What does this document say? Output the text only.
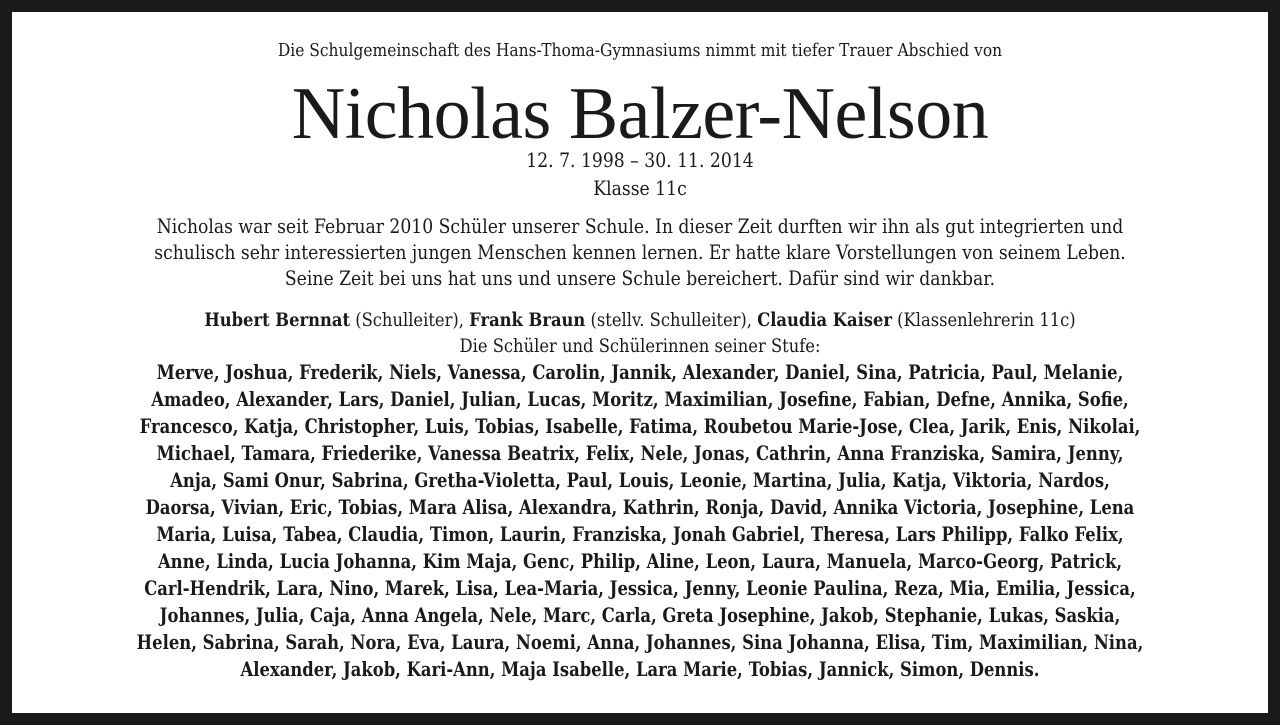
Die Schulgemeinschaft des Hans-Thoma-Gymnasiums nimmt mit tiefer Trauer Abschied von
Nicholas Balzer-Nelson
12. 7. 1998 – 30. 11. 2014
Klasse 11c
Nicholas war seit Februar 2010 Schüler unserer Schule. In dieser Zeit durften wir ihn als gut integrierten und
schulisch sehr interessierten jungen Menschen kennen lernen. Er hatte klare Vorstellungen von seinem Leben.
Seine Zeit bei uns hat uns und unsere Schule bereichert. Dafür sind wir dankbar.
Hubert Bernnat (Schulleiter), Frank Braun (stellv. Schulleiter), Claudia Kaiser (Klassenlehrerin 11c)
Die Schüler und Schülerinnen seiner Stufe:
Merve, Joshua, Frederik, Niels, Vanessa, Carolin, Jannik, Alexander, Daniel, Sina, Patricia, Paul, Melanie,
Amadeo, Alexander, Lars, Daniel, Julian, Lucas, Moritz, Maximilian, Josefine, Fabian, Defne, Annika, Sofie,
Francesco, Katja, Christopher, Luis, Tobias, Isabelle, Fatima, Roubetou Marie-Jose, Clea, Jarik, Enis, Nikolai,
Michael, Tamara, Friederike, Vanessa Beatrix, Felix, Nele, Jonas, Cathrin, Anna Franziska, Samira, Jenny,
Anja, Sami Onur, Sabrina, Gretha-Violetta, Paul, Louis, Leonie, Martina, Julia, Katja, Viktoria, Nardos,
Daorsa, Vivian, Eric, Tobias, Mara Alisa, Alexandra, Kathrin, Ronja, David, Annika Victoria, Josephine, Lena
Maria, Luisa, Tabea, Claudia, Timon, Laurin, Franziska, Jonah Gabriel, Theresa, Lars Philipp, Falko Felix,
Anne, Linda, Lucia Johanna, Kim Maja, Genc, Philip, Aline, Leon, Laura, Manuela, Marco-Georg, Patrick,
Carl-Hendrik, Lara, Nino, Marek, Lisa, Lea-Maria, Jessica, Jenny, Leonie Paulina, Reza, Mia, Emilia, Jessica,
Johannes, Julia, Caja, Anna Angela, Nele, Marc, Carla, Greta Josephine, Jakob, Stephanie, Lukas, Saskia,
Helen, Sabrina, Sarah, Nora, Eva, Laura, Noemi, Anna, Johannes, Sina Johanna, Elisa, Tim, Maximilian, Nina,
Alexander, Jakob, Kari-Ann, Maja Isabelle, Lara Marie, Tobias, Jannick, Simon, Dennis.
